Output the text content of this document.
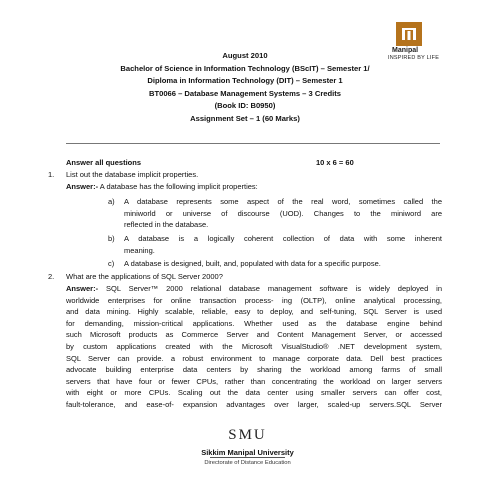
Manipal
INSPIRED BY LIFE
August 2010
Bachelor of Science in Information Technology (BScIT) – Semester 1/
Diploma in Information Technology (DIT) – Semester 1
BT0066 – Database Management Systems – 3 Credits
(Book ID: B0950)
Assignment Set – 1 (60 Marks)
Answer all questions	10 x 6 = 60
1. List out the database implicit properties.
Answer:- A database has the following implicit properties:
a) A database represents some aspect of the real word, sometimes called the
miniworld or universe of discourse (UOD). Changes to the miniword are
reflected in the database.
b) A database is a logically coherent collection of data with some inherent
meaning.
c) A database is designed, built, and, populated with data for a specific purpose.
2. What are the applications of SQL Server 2000?
Answer:- SQL Server™ 2000 relational database management software is widely deployed in
worldwide enterprises for online transaction process- ing (OLTP), online analytical processing,
and data mining. Highly scalable, reliable, easy to deploy, and self-tuning, SQL Server is used
for demanding, mission-critical applications. Whether used as the database engine behind
such Microsoft products as Commerce Server and Content Management Server, or accessed
by custom applications created with the Microsoft VisualStudio® .NET development system,
SQL Server can provide. a robust environment to manage corporate data. Dell best practices
advocate building enterprise data centers by sharing the workload among farms of small
servers that have four or fewer CPUs, rather than concentrating the workload on larger servers
with eight or more CPUs. Scaling out the data center using smaller servers can offer cost,
fault-tolerance, and ease-of- expansion advantages over larger, scaled-up servers.SQL Server
SMU
Sikkim Manipal University
Directorate of Distance Education
